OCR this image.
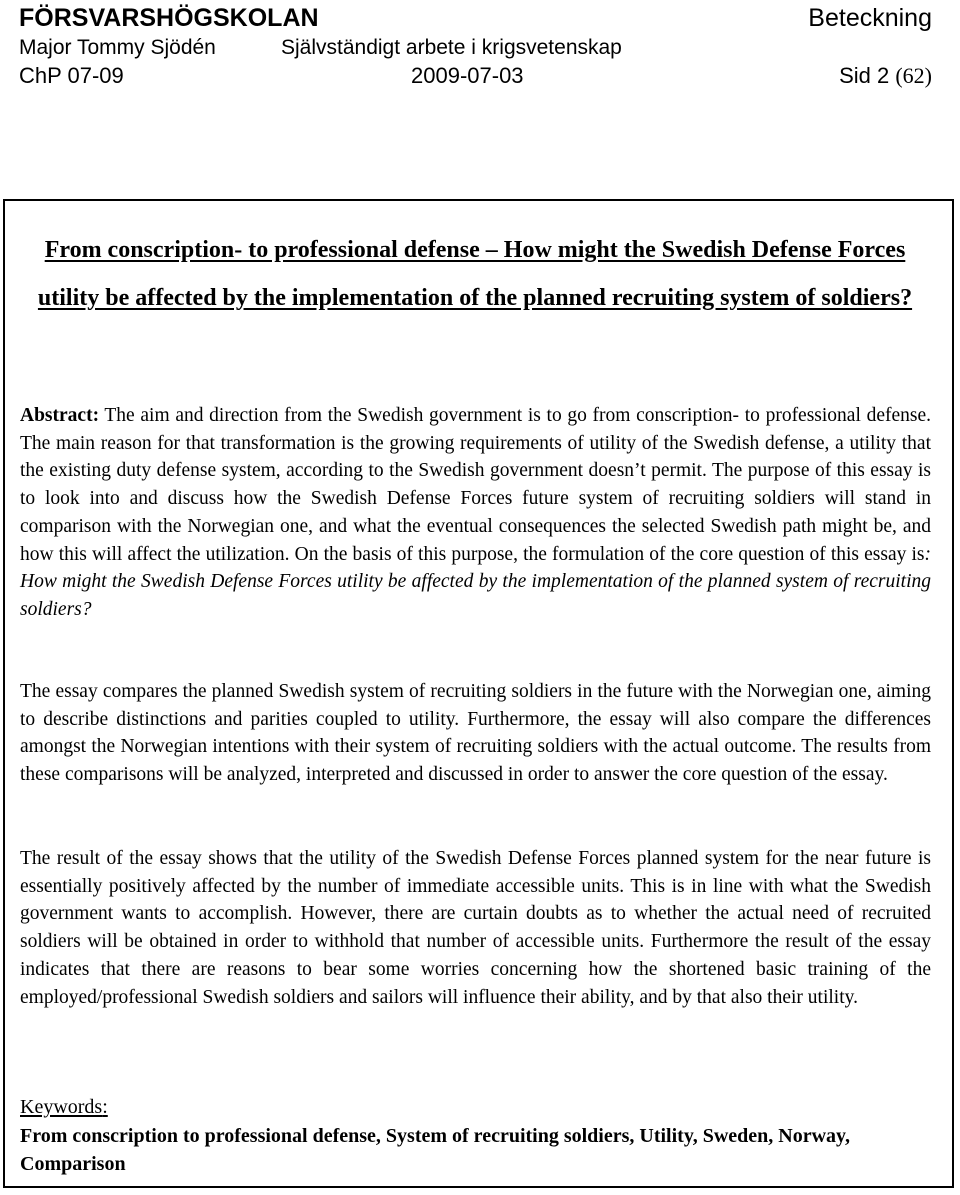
FÖRSVARSHÖGSKOLAN	Beteckning
Major Tommy Sjödén	Självständigt arbete i krigsvetenskap
ChP 07-09	2009-07-03	Sid 2 (62)
From conscription- to professional defense – How might the Swedish Defense Forces utility be affected by the implementation of the planned recruiting system of soldiers?

Abstract: The aim and direction from the Swedish government is to go from conscription- to professional defense. The main reason for that transformation is the growing requirements of utility of the Swedish defense, a utility that the existing duty defense system, according to the Swedish government doesn’t permit. The purpose of this essay is to look into and discuss how the Swedish Defense Forces future system of recruiting soldiers will stand in comparison with the Norwegian one, and what the eventual consequences the selected Swedish path might be, and how this will affect the utilization. On the basis of this purpose, the formulation of the core question of this essay is: How might the Swedish Defense Forces utility be affected by the implementation of the planned system of recruiting soldiers?

The essay compares the planned Swedish system of recruiting soldiers in the future with the Norwegian one, aiming to describe distinctions and parities coupled to utility. Furthermore, the essay will also compare the differences amongst the Norwegian intentions with their system of recruiting soldiers with the actual outcome. The results from these comparisons will be analyzed, interpreted and discussed in order to answer the core question of the essay.

The result of the essay shows that the utility of the Swedish Defense Forces planned system for the near future is essentially positively affected by the number of immediate accessible units. This is in line with what the Swedish government wants to accomplish. However, there are curtain doubts as to whether the actual need of recruited soldiers will be obtained in order to withhold that number of accessible units. Furthermore the result of the essay indicates that there are reasons to bear some worries concerning how the shortened basic training of the employed/professional Swedish soldiers and sailors will influence their ability, and by that also their utility.

Keywords:

From conscription to professional defense, System of recruiting soldiers, Utility, Sweden, Norway, Comparison
